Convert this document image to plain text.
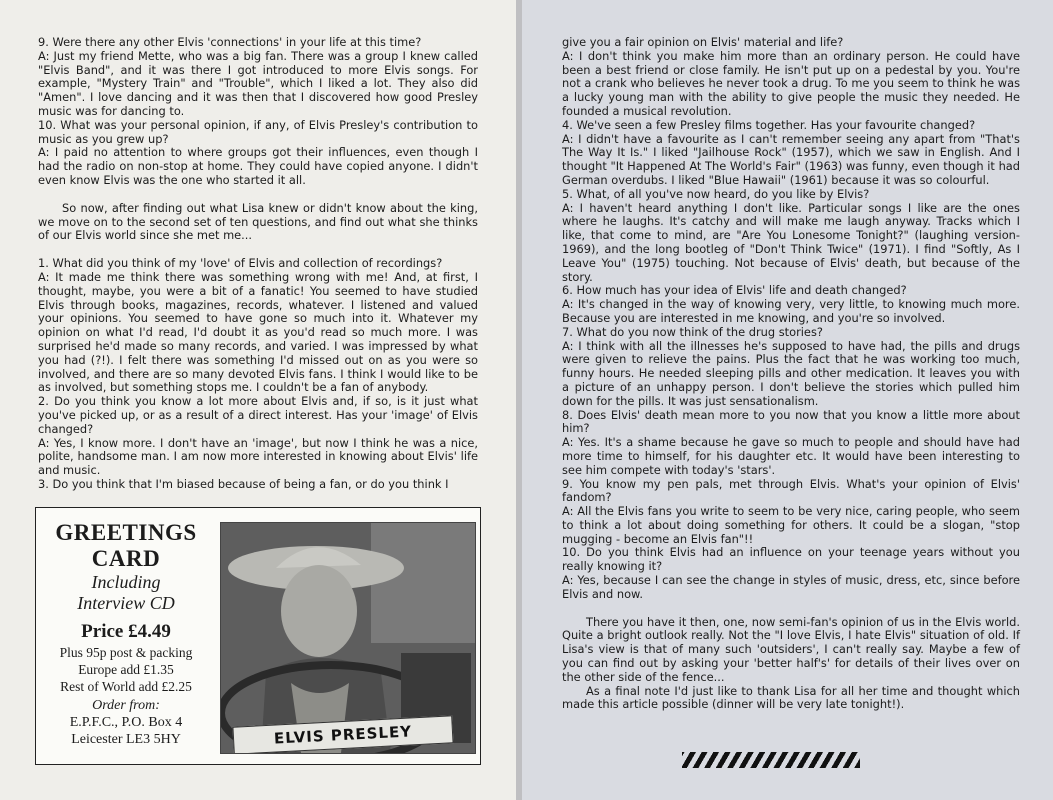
9. Were there any other Elvis 'connections' in your life at this time?

A: Just my friend Mette, who was a big fan. There was a group I knew called "Elvis Band", and it was there I got introduced to more Elvis songs. For example, "Mystery Train" and "Trouble", which I liked a lot. They also did "Amen". I love dancing and it was then that I discovered how good Presley music was for dancing to.

10. What was your personal opinion, if any, of Elvis Presley's contribution to music as you grew up?

A: I paid no attention to where groups got their influences, even though I had the radio on non-stop at home. They could have copied anyone. I didn't even know Elvis was the one who started it all.

So now, after finding out what Lisa knew or didn't know about the king, we move on to the second set of ten questions, and find out what she thinks of our Elvis world since she met me...

1. What did you think of my 'love' of Elvis and collection of recordings?

A: It made me think there was something wrong with me! And, at first, I thought, maybe, you were a bit of a fanatic! You seemed to have studied Elvis through books, magazines, records, whatever. I listened and valued your opinions. You seemed to have gone so much into it. Whatever my opinion on what I'd read, I'd doubt it as you'd read so much more. I was surprised he'd made so many records, and varied. I was impressed by what you had (?!). I felt there was something I'd missed out on as you were so involved, and there are so many devoted Elvis fans. I think I would like to be as involved, but something stops me. I couldn't be a fan of anybody.

2. Do you think you know a lot more about Elvis and, if so, is it just what you've picked up, or as a result of a direct interest. Has your 'image' of Elvis changed?

A: Yes, I know more. I don't have an 'image', but now I think he was a nice, polite, handsome man. I am now more interested in knowing about Elvis' life and music.

3. Do you think that I'm biased because of being a fan, or do you think I

GREETINGS
CARD
Including
Interview CD
Price £4.49
Plus 95p post & packing
Europe add £1.35
Rest of World add £2.25
Order from:
E.P.F.C., P.O. Box 4
Leicester LE3 5HY	ELVIS PRESLEY

give you a fair opinion on Elvis' material and life?

A: I don't think you make him more than an ordinary person. He could have been a best friend or close family. He isn't put up on a pedestal by you. You're not a crank who believes he never took a drug. To me you seem to think he was a lucky young man with the ability to give people the music they needed. He founded a musical revolution.

4. We've seen a few Presley films together. Has your favourite changed?

A: I didn't have a favourite as I can't remember seeing any apart from "That's The Way It Is." I liked "Jailhouse Rock" (1957), which we saw in English. And I thought "It Happened At The World's Fair" (1963) was funny, even though it had German overdubs. I liked "Blue Hawaii" (1961) because it was so colourful.

5. What, of all you've now heard, do you like by Elvis?

A: I haven't heard anything I don't like. Particular songs I like are the ones where he laughs. It's catchy and will make me laugh anyway. Tracks which I like, that come to mind, are "Are You Lonesome Tonight?" (laughing version-1969), and the long bootleg of "Don't Think Twice" (1971). I find "Softly, As I Leave You" (1975) touching. Not because of Elvis' death, but because of the story.

6. How much has your idea of Elvis' life and death changed?

A: It's changed in the way of knowing very, very little, to knowing much more. Because you are interested in me knowing, and you're so involved.

7. What do you now think of the drug stories?

A: I think with all the illnesses he's supposed to have had, the pills and drugs were given to relieve the pains. Plus the fact that he was working too much, funny hours. He needed sleeping pills and other medication. It leaves you with a picture of an unhappy person. I don't believe the stories which pulled him down for the pills. It was just sensationalism.

8. Does Elvis' death mean more to you now that you know a little more about him?

A: Yes. It's a shame because he gave so much to people and should have had more time to himself, for his daughter etc. It would have been interesting to see him compete with today's 'stars'.

9. You know my pen pals, met through Elvis. What's your opinion of Elvis' fandom?

A: All the Elvis fans you write to seem to be very nice, caring people, who seem to think a lot about doing something for others. It could be a slogan, "stop mugging - become an Elvis fan"!!

10. Do you think Elvis had an influence on your teenage years without you really knowing it?

A: Yes, because I can see the change in styles of music, dress, etc, since before Elvis and now.

There you have it then, one, now semi-fan's opinion of us in the Elvis world. Quite a bright outlook really. Not the "I love Elvis, I hate Elvis" situation of old. If Lisa's view is that of many such 'outsiders', I can't really say. Maybe a few of you can find out by asking your 'better half's' for details of their lives over on the other side of the fence...

As a final note I'd just like to thank Lisa for all her time and thought which made this article possible (dinner will be very late tonight!).
